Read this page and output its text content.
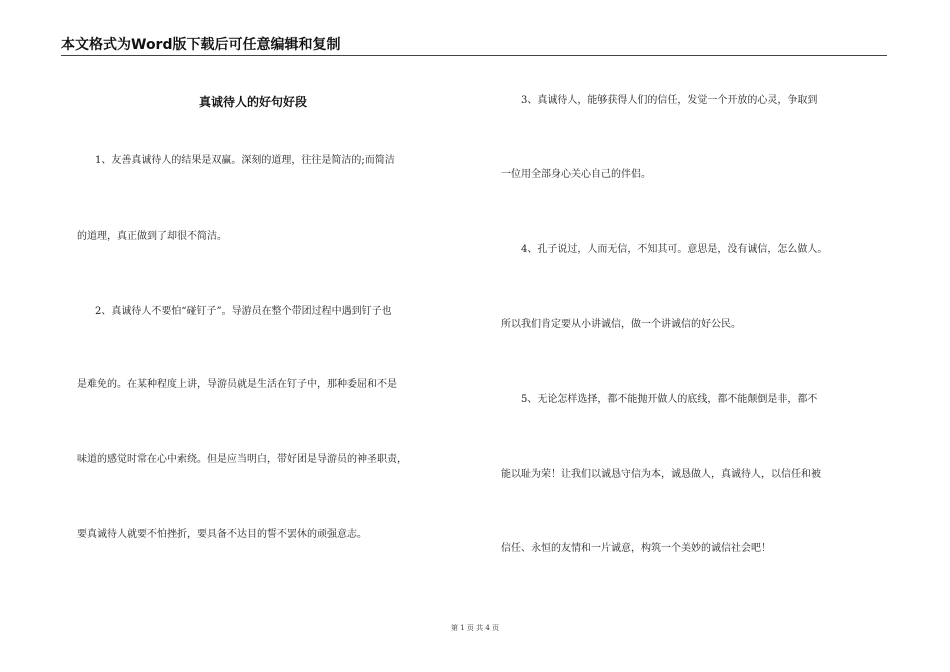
本文格式为Word版下载后可任意编辑和复制
真诚待人的好句好段
1、友善真诚待人的结果是双赢。深刻的道理，往往是简洁的;而简洁
的道理，真正做到了却很不简洁。
2、真诚待人不要怕“碰钉子”。导游员在整个带团过程中遇到钉子也
是难免的。在某种程度上讲，导游员就是生活在钉子中，那种委屈和不是
味道的感觉时常在心中索绕。但是应当明白，带好团是导游员的神圣职责，
要真诚待人就要不怕挫折，要具备不达目的誓不罢休的顽强意志。
3、真诚待人，能够获得人们的信任，发觉一个开放的心灵，争取到
一位用全部身心关心自己的伴侣。
4、孔子说过，人而无信，不知其可。意思是，没有诚信，怎么做人。
所以我们肯定要从小讲诚信，做一个讲诚信的好公民。
5、无论怎样选择，都不能抛开做人的底线，都不能颠倒是非，都不
能以耻为荣！让我们以诚恳守信为本，诚恳做人，真诚待人，以信任和被
信任、永恒的友情和一片诚意，构筑一个美妙的诚信社会吧！
第 1 页 共 4 页
